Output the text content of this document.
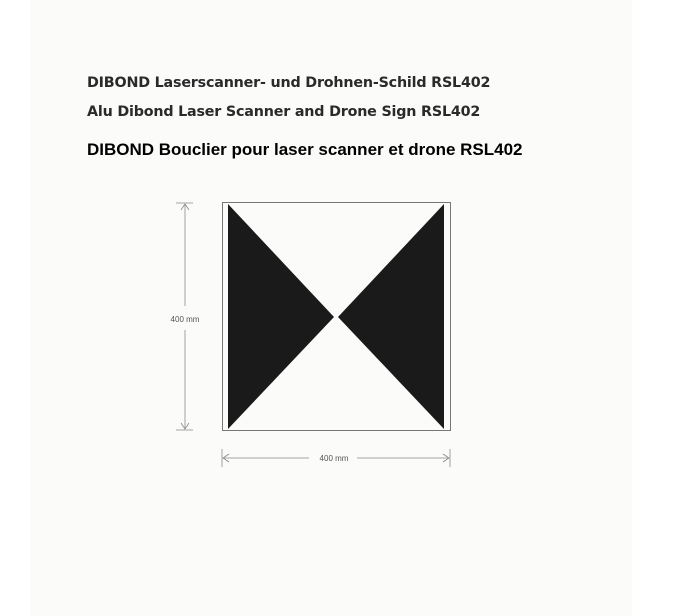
DIBOND Laserscanner- und Drohnen-Schild RSL402
Alu Dibond Laser Scanner and Drone Sign RSL402
DIBOND Bouclier pour laser scanner et drone RSL402
400 mm
400 mm
